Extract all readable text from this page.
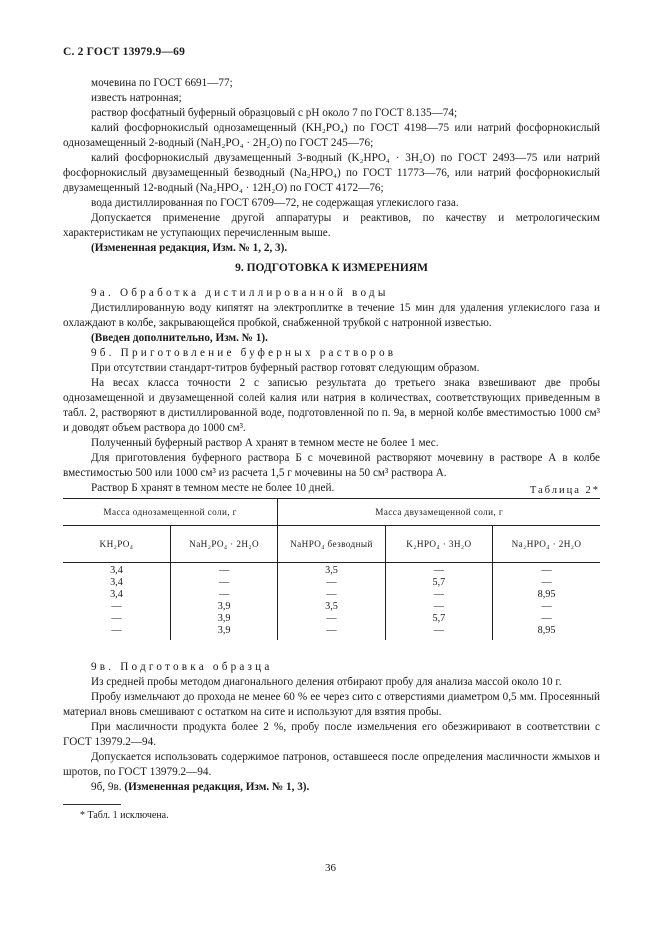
С. 2 ГОСТ 13979.9—69

мочевина по ГОСТ 6691—77;

известь натронная;

раствор фосфатный буферный образцовый с рН около 7 по ГОСТ 8.135—74;

калий фосфорнокислый однозамещенный (KH₂PO₄) по ГОСТ 4198—75 или натрий фосфорнокислый однозамещенный 2-водный (NaH₂PO₄ · 2H₂O) по ГОСТ 245—76;

калий фосфорнокислый двузамещенный 3-водный (K₂HPO₄ · 3H₂O) по ГОСТ 2493—75 или натрий фосфорнокислый двузамещенный безводный (Na₂HPO₄) по ГОСТ 11773—76, или натрий фосфорнокислый двузамещенный 12-водный (Na₂HPO₄ · 12H₂O) по ГОСТ 4172—76;

вода дистиллированная по ГОСТ 6709—72, не содержащая углекислого газа.

Допускается применение другой аппаратуры и реактивов, по качеству и метрологическим характеристикам не уступающих перечисленным выше.

(Измененная редакция, Изм. № 1, 2, 3).

9. ПОДГОТОВКА К ИЗМЕРЕНИЯМ

9а. Обработка дистиллированной воды

Дистиллированную воду кипятят на электроплитке в течение 15 мин для удаления углекислого газа и охлаждают в колбе, закрывающейся пробкой, снабженной трубкой с натронной известью.

(Введен дополнительно, Изм. № 1).

9б. Приготовление буферных растворов

При отсутствии стандарт-титров буферный раствор готовят следующим образом.

На весах класса точности 2 с записью результата до третьего знака взвешивают две пробы однозамещенной и двузамещенной солей калия или натрия в количествах, соответствующих приведенным в табл. 2, растворяют в дистиллированной воде, подготовленной по п. 9а, в мерной колбе вместимостью 1000 см³ и доводят объем раствора до 1000 см³.

Полученный буферный раствор А хранят в темном месте не более 1 мес.

Для приготовления буферного раствора Б с мочевиной растворяют мочевину в растворе А в колбе вместимостью 500 или 1000 см³ из расчета 1,5 г мочевины на 50 см³ раствора А.

Раствор Б хранят в темном месте не более 10 дней.	Таблица 2*
Масса однозамещенной соли, г		Масса двузамещенной соли, г		
KH₂PO₄	NaH₂PO₄ · 2H₂O	NaHPO₄ безводный	K₂HPO₄ · 3H₂O	Na₂HPO₄ · 2H₂O
3,4	—	3,5	—	—
3,4	—	—	5,7	—
3,4	—	—	—	8,95
—	3,9	3,5	—	—
—	3,9	—	5,7	—
—	3,9	—	—	8,95

9в. Подготовка образца

Из средней пробы методом диагонального деления отбирают пробу для анализа массой около 10 г.

Пробу измельчают до прохода не менее 60 % ее через сито с отверстиями диаметром 0,5 мм. Просеянный материал вновь смешивают с остатком на сите и используют для взятия пробы.

При масличности продукта более 2 %, пробу после измельчения его обезжиривают в соответствии с ГОСТ 13979.2—94.

Допускается использовать содержимое патронов, оставшееся после определения масличности жмыхов и шротов, по ГОСТ 13979.2—94.

9б, 9в. (Измененная редакция, Изм. № 1, 3).

* Табл. 1 исключена.
36
